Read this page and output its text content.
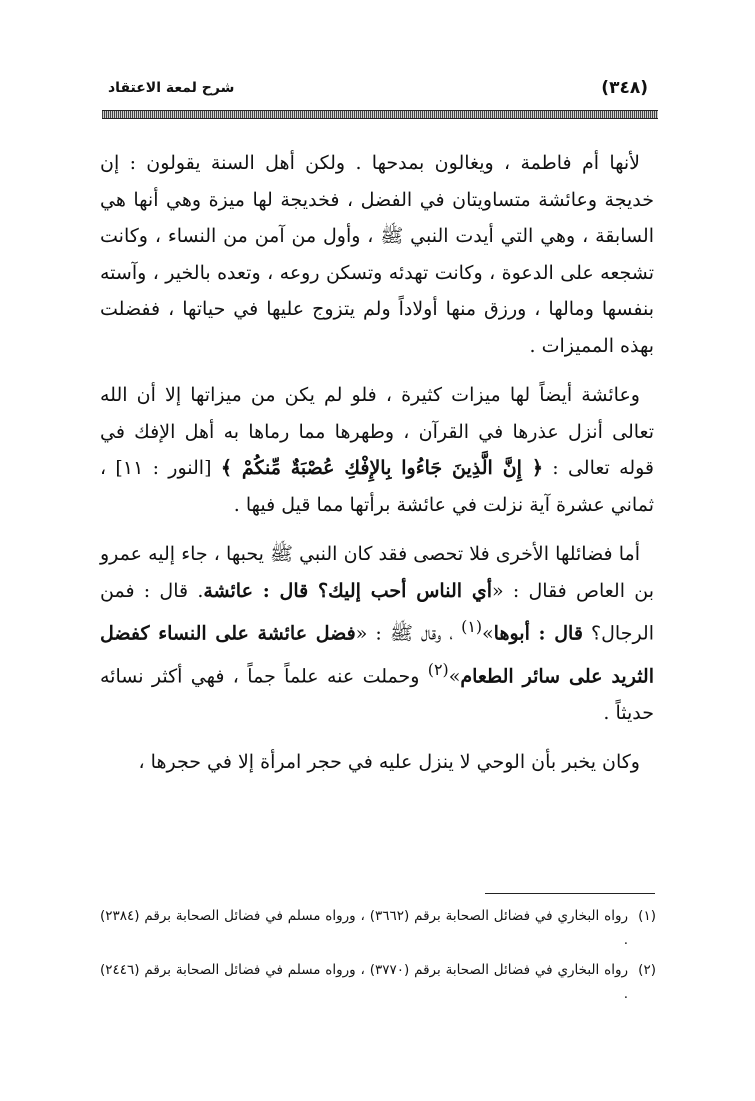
(٣٤٨)
شرح لمعة الاعتقاد

لأنها أم فاطمة ، ويغالون بمدحها . ولكن أهل السنة يقولون : إن خديجة وعائشة متساويتان في الفضل ، فخديجة لها ميزة وهي أنها هي السابقة ، وهي التي أيدت النبي ﷺ ، وأول من آمن من النساء ، وكانت تشجعه على الدعوة ، وكانت تهدئه وتسكن روعه ، وتعده بالخير ، وآسته بنفسها ومالها ، ورزق منها أولاداً ولم يتزوج عليها في حياتها ، ففضلت بهذه المميزات .

وعائشة أيضاً لها ميزات كثيرة ، فلو لم يكن من ميزاتها إلا أن الله تعالى أنزل عذرها في القرآن ، وطهرها مما رماها به أهل الإفك في قوله تعالى : ﴿ إِنَّ الَّذِينَ جَاءُوا بِالإِفْكِ عُصْبَةٌ مِّنكُمْ ﴾ [النور : ١١] ، ثماني عشرة آية نزلت في عائشة برأتها مما قيل فيها .

أما فضائلها الأخرى فلا تحصى فقد كان النبي ﷺ يحبها ، جاء إليه عمرو بن العاص فقال : «أي الناس أحب إليك؟ قال : عائشة. قال : فمن الرجال؟ قال : أبوها»$^{(١)}$ ، وقال ﷺ : «فضل عائشة على النساء كفضل الثريد على سائر الطعام»$^{(٢)}$ وحملت عنه علماً جماً ، فهي أكثر نسائه حديثاً .

وكان يخبر بأن الوحي لا ينزل عليه في حجر امرأة إلا في حجرها ،

(١)
رواه البخاري في فضائل الصحابة برقم (٣٦٦٢) ، ورواه مسلم في فضائل الصحابة برقم (٢٣٨٤) .
(٢)
رواه البخاري في فضائل الصحابة برقم (٣٧٧٠) ، ورواه مسلم في فضائل الصحابة برقم (٢٤٤٦) .
